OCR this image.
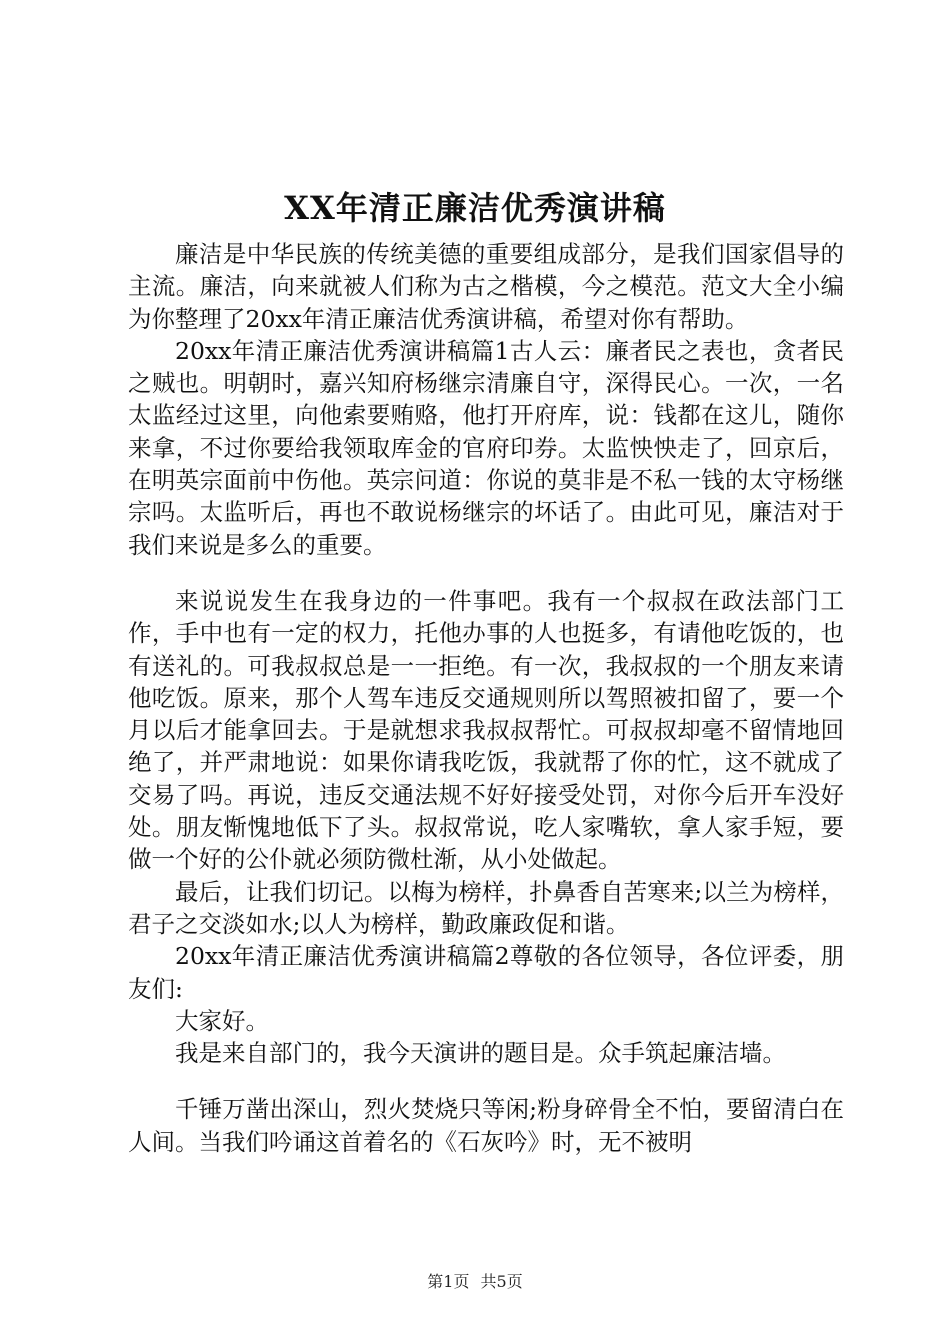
XX年清正廉洁优秀演讲稿

廉洁是中华民族的传统美德的重要组成部分，是我们国家倡导的主流。廉洁，向来就被人们称为古之楷模，今之模范。范文大全小编为你整理了20xx年清正廉洁优秀演讲稿，希望对你有帮助。

20xx年清正廉洁优秀演讲稿篇1古人云：廉者民之表也，贪者民之贼也。明朝时，嘉兴知府杨继宗清廉自守，深得民心。一次，一名太监经过这里，向他索要贿赂，他打开府库，说：钱都在这儿，随你来拿，不过你要给我领取库金的官府印券。太监怏怏走了，回京后，在明英宗面前中伤他。英宗问道：你说的莫非是不私一钱的太守杨继宗吗。太监听后，再也不敢说杨继宗的坏话了。由此可见，廉洁对于我们来说是多么的重要。

来说说发生在我身边的一件事吧。我有一个叔叔在政法部门工作，手中也有一定的权力，托他办事的人也挺多，有请他吃饭的，也有送礼的。可我叔叔总是一一拒绝。有一次，我叔叔的一个朋友来请他吃饭。原来，那个人驾车违反交通规则所以驾照被扣留了，要一个月以后才能拿回去。于是就想求我叔叔帮忙。可叔叔却毫不留情地回绝了，并严肃地说：如果你请我吃饭，我就帮了你的忙，这不就成了交易了吗。再说，违反交通法规不好好接受处罚，对你今后开车没好处。朋友惭愧地低下了头。叔叔常说，吃人家嘴软，拿人家手短，要做一个好的公仆就必须防微杜渐，从小处做起。

最后，让我们切记。以梅为榜样，扑鼻香自苦寒来;以兰为榜样，君子之交淡如水;以人为榜样，勤政廉政促和谐。

20xx年清正廉洁优秀演讲稿篇2尊敬的各位领导，各位评委，朋友们:

大家好。

我是来自部门的，我今天演讲的题目是。众手筑起廉洁墙。

千锤万凿出深山，烈火焚烧只等闲;粉身碎骨全不怕，要留清白在人间。当我们吟诵这首着名的《石灰吟》时，无不被明

第1页 共5页
